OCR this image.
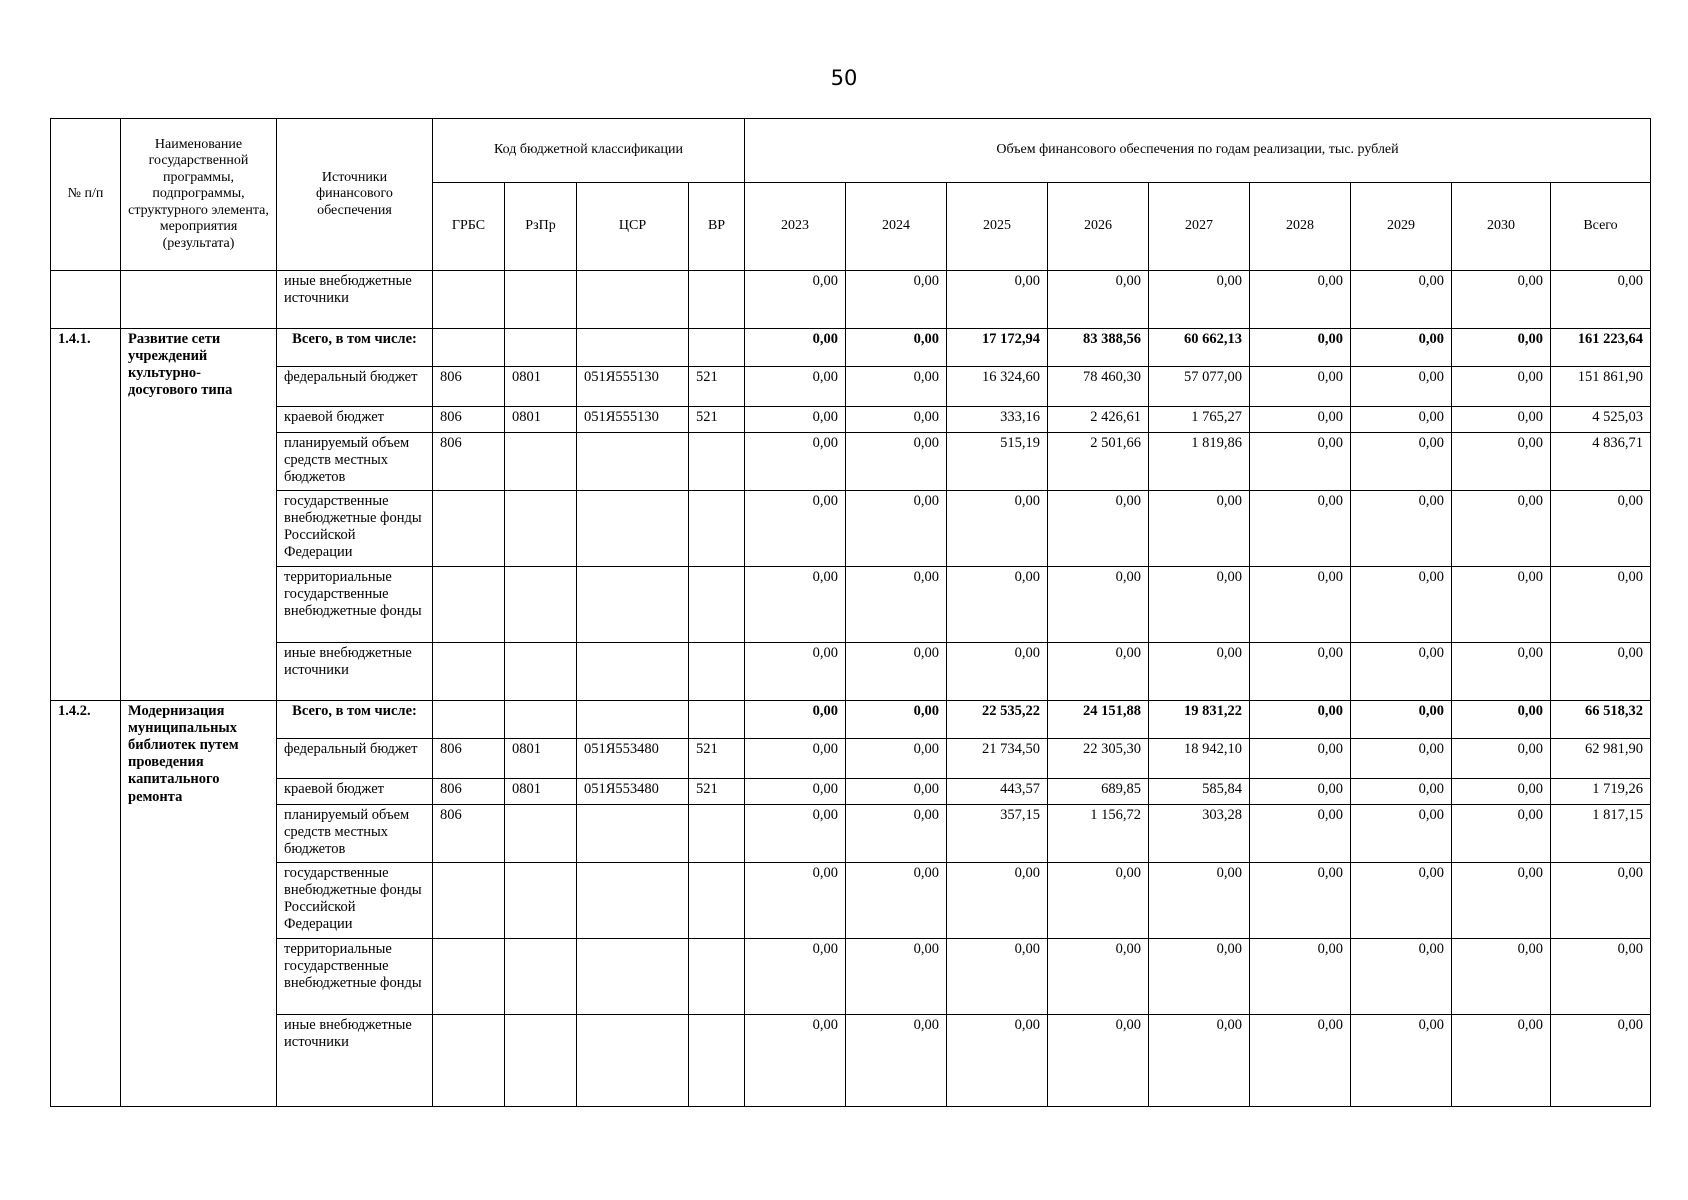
50
№ п/п	Наименование государственной программы, подпрограммы, структурного элемента, мероприятия (результата)	Источники финансового обеспечения	Код бюджетной классификации				Объем финансового обеспечения по годам реализации, тыс. рублей								
			ГРБС	РзПр	ЦСР	ВР	2023	2024	2025	2026	2027	2028	2029	2030	Всего
		иные внебюджетные источники					0,00	0,00	0,00	0,00	0,00	0,00	0,00	0,00	0,00
1.4.1.	Развитие сети учреждений культурно-досугового типа	Всего, в том числе:					0,00	0,00	17 172,94	83 388,56	60 662,13	0,00	0,00	0,00	161 223,64
		федеральный бюджет	806	0801	051Я555130	521	0,00	0,00	16 324,60	78 460,30	57 077,00	0,00	0,00	0,00	151 861,90
		краевой бюджет	806	0801	051Я555130	521	0,00	0,00	333,16	2 426,61	1 765,27	0,00	0,00	0,00	4 525,03
		планируемый объем средств местных бюджетов	806				0,00	0,00	515,19	2 501,66	1 819,86	0,00	0,00	0,00	4 836,71
		государственные внебюджетные фонды Российской Федерации					0,00	0,00	0,00	0,00	0,00	0,00	0,00	0,00	0,00
		территориальные государственные внебюджетные фонды					0,00	0,00	0,00	0,00	0,00	0,00	0,00	0,00	0,00
		иные внебюджетные источники					0,00	0,00	0,00	0,00	0,00	0,00	0,00	0,00	0,00
1.4.2.	Модернизация муниципальных библиотек путем проведения капитального ремонта	Всего, в том числе:					0,00	0,00	22 535,22	24 151,88	19 831,22	0,00	0,00	0,00	66 518,32
		федеральный бюджет	806	0801	051Я553480	521	0,00	0,00	21 734,50	22 305,30	18 942,10	0,00	0,00	0,00	62 981,90
		краевой бюджет	806	0801	051Я553480	521	0,00	0,00	443,57	689,85	585,84	0,00	0,00	0,00	1 719,26
		планируемый объем средств местных бюджетов	806				0,00	0,00	357,15	1 156,72	303,28	0,00	0,00	0,00	1 817,15
		государственные внебюджетные фонды Российской Федерации					0,00	0,00	0,00	0,00	0,00	0,00	0,00	0,00	0,00
		территориальные государственные внебюджетные фонды					0,00	0,00	0,00	0,00	0,00	0,00	0,00	0,00	0,00
		иные внебюджетные источники					0,00	0,00	0,00	0,00	0,00	0,00	0,00	0,00	0,00
